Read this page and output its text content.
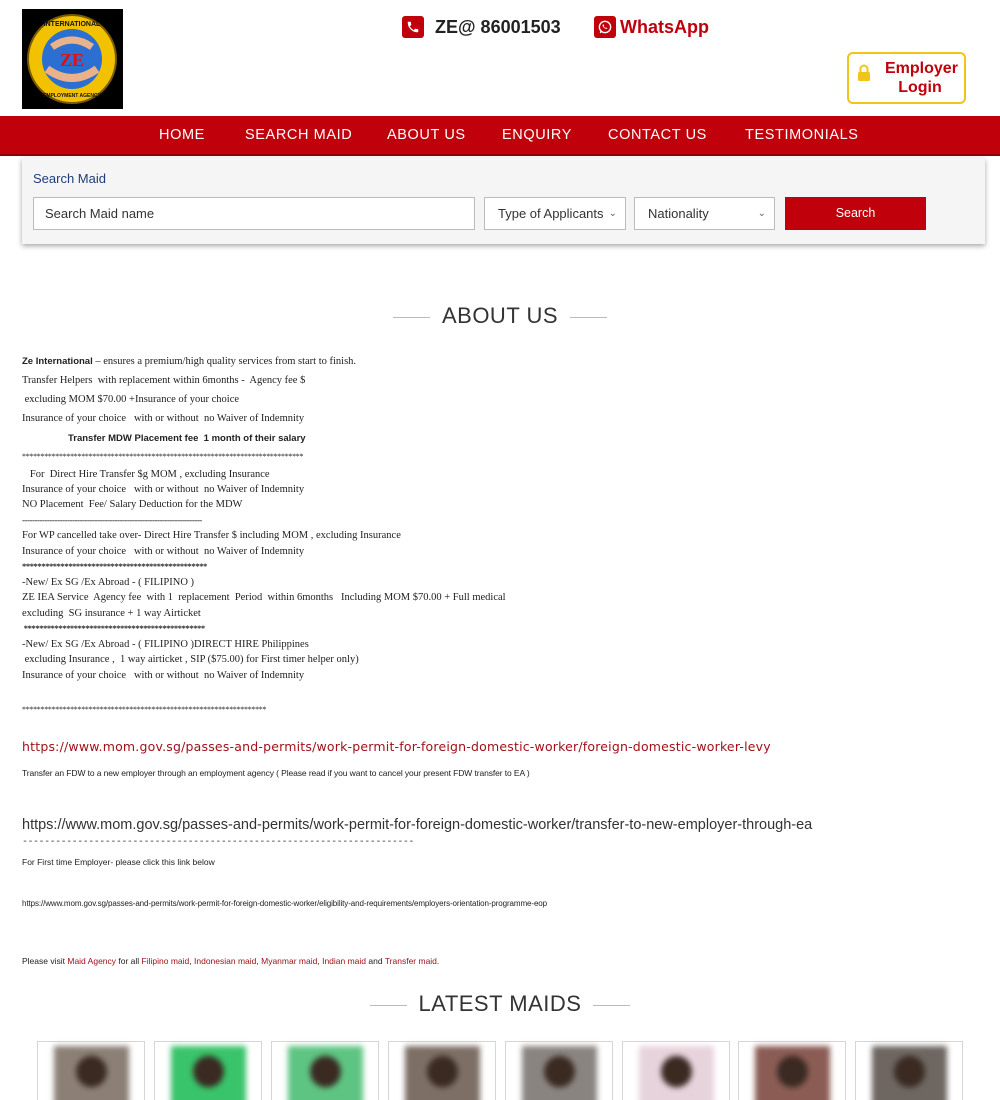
ZE
INTERNATIONAL
EMPLOYMENT AGENCY
ZE@ 86001503	WhatsApp
Employer Login
HOME	SEARCH MAID ABOUT US	ENQUIRY CONTACT US	TESTIMONIALS
Search Maid
Search Maid name
Type of Applicants ⌄	Nationality	⌄	Search
ABOUT US
Ze International – ensures a premium/high quality services from start to finish.
Transfer Helpers  with replacement within 6months -  Agency fee $
excluding MOM $70.00 +Insurance of your choice
Insurance of your choice   with or without  no Waiver of Indemnity
Transfer MDW Placement fee  1 month of their salary
****************************************************************************
For  Direct Hire Transfer $g MOM , excluding Insurance
Insurance of your choice   with or without  no Waiver of Indemnity
NO Placement  Fee/ Salary Deduction for the MDW
------------------------------------------------------------------------
For WP cancelled take over- Direct Hire Transfer $ including MOM , excluding Insurance
Insurance of your choice   with or without  no Waiver of Indemnity
************************************************
-New/ Ex SG /Ex Abroad - ( FILIPINO )
ZE IEA Service  Agency fee  with 1  replacement  Period  within 6months   Including MOM $70.00 + Full medical
excluding  SG insurance + 1 way Airticket
***********************************************
-New/ Ex SG /Ex Abroad - ( FILIPINO )DIRECT HIRE Philippines
excluding Insurance ,  1 way airticket , SIP ($75.00) for First timer helper only)
Insurance of your choice   with or without  no Waiver of Indemnity
******************************************************************
https://www.mom.gov.sg/passes-and-permits/work-permit-for-foreign-domestic-worker/foreign-domestic-worker-levy
Transfer an FDW to a new employer through an employment agency ( Please read if you want to cancel your present FDW transfer to EA )
https://www.mom.gov.sg/passes-and-permits/work-permit-for-foreign-domestic-worker/transfer-to-new-employer-through-ea
-----------------------------------------------------------------------
For First time Employer- please click this link below
https://www.mom.gov.sg/passes-and-permits/work-permit-for-foreign-domestic-worker/eligibility-and-requirements/employers-orientation-programme-eop
Please visit Maid Agency for all Filipino maid, Indonesian maid, Myanmar maid, Indian maid and Transfer maid.
LATEST MAIDS
